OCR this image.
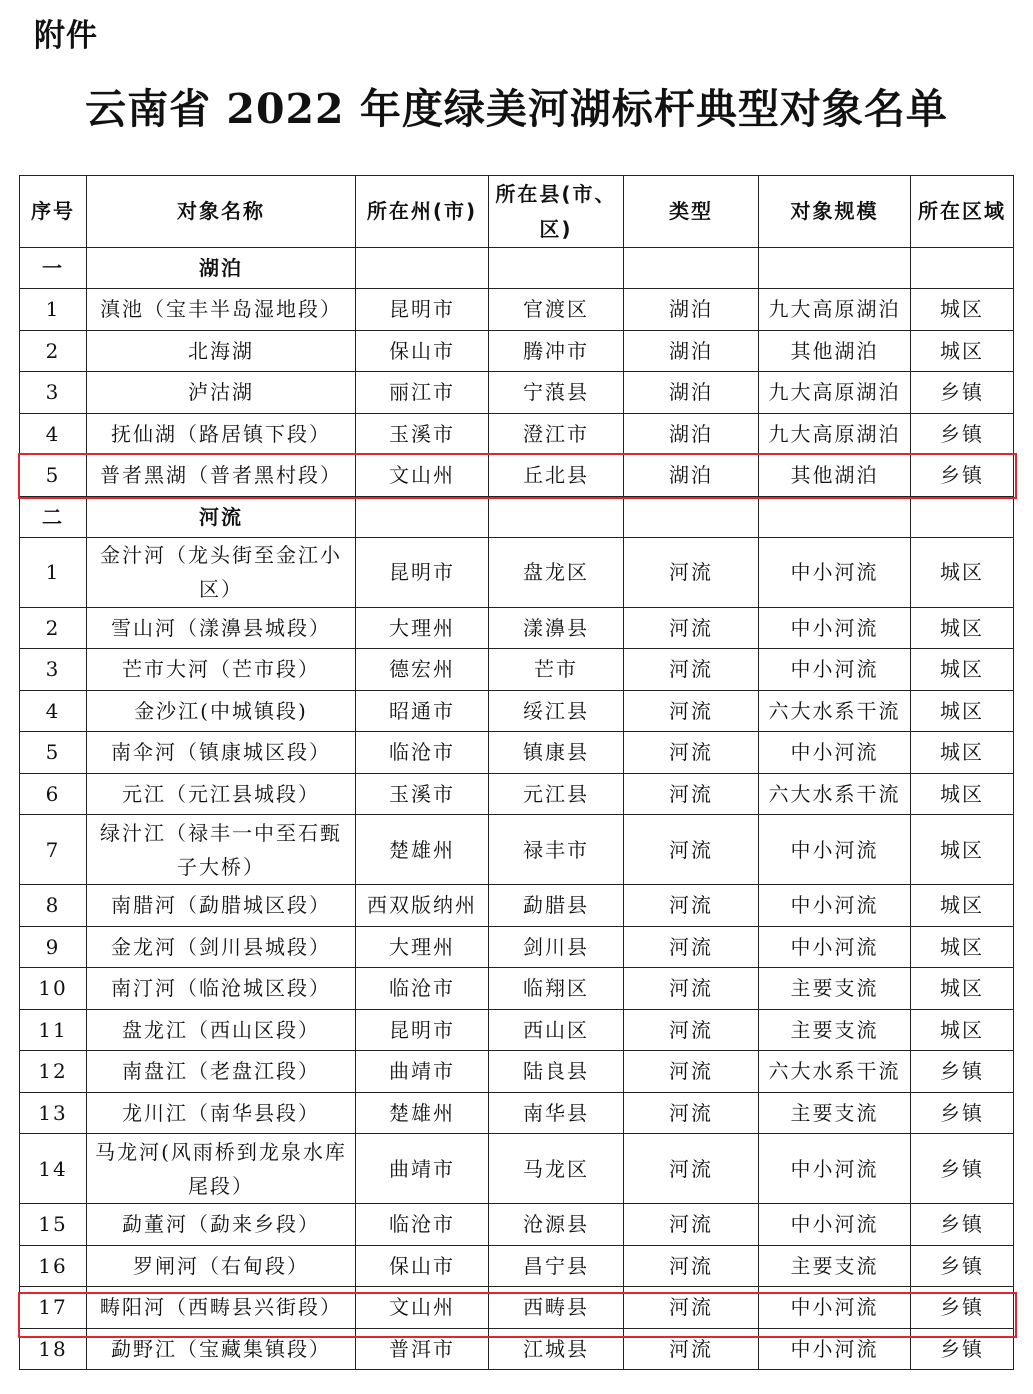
附件
云南省 2022 年度绿美河湖标杆典型对象名单
序号	对象名称	所在州(市)	所在县(市、区)	类型	对象规模	所在区域
一	湖泊					
1	滇池（宝丰半岛湿地段）	昆明市	官渡区	湖泊	九大高原湖泊	城区
2	北海湖	保山市	腾冲市	湖泊	其他湖泊	城区
3	泸沽湖	丽江市	宁蒗县	湖泊	九大高原湖泊	乡镇
4	抚仙湖（路居镇下段）	玉溪市	澄江市	湖泊	九大高原湖泊	乡镇
5	普者黑湖（普者黑村段）	文山州	丘北县	湖泊	其他湖泊	乡镇
二	河流					
1	金汁河（龙头街至金江小区）	昆明市	盘龙区	河流	中小河流	城区
2	雪山河（漾濞县城段）	大理州	漾濞县	河流	中小河流	城区
3	芒市大河（芒市段）	德宏州	芒市	河流	中小河流	城区
4	金沙江(中城镇段)	昭通市	绥江县	河流	六大水系干流	城区
5	南伞河（镇康城区段）	临沧市	镇康县	河流	中小河流	城区
6	元江（元江县城段）	玉溪市	元江县	河流	六大水系干流	城区
7	绿汁江（禄丰一中至石甄子大桥）	楚雄州	禄丰市	河流	中小河流	城区
8	南腊河（勐腊城区段）	西双版纳州	勐腊县	河流	中小河流	城区
9	金龙河（剑川县城段）	大理州	剑川县	河流	中小河流	城区
10	南汀河（临沧城区段）	临沧市	临翔区	河流	主要支流	城区
11	盘龙江（西山区段）	昆明市	西山区	河流	主要支流	城区
12	南盘江（老盘江段）	曲靖市	陆良县	河流	六大水系干流	乡镇
13	龙川江（南华县段）	楚雄州	南华县	河流	主要支流	乡镇
14	马龙河(风雨桥到龙泉水库尾段）	曲靖市	马龙区	河流	中小河流	乡镇
15	勐董河（勐来乡段）	临沧市	沧源县	河流	中小河流	乡镇
16	罗闸河（右甸段）	保山市	昌宁县	河流	主要支流	乡镇
17	畴阳河（西畴县兴街段）	文山州	西畴县	河流	中小河流	乡镇
18	勐野江（宝藏集镇段）	普洱市	江城县	河流	中小河流	乡镇
